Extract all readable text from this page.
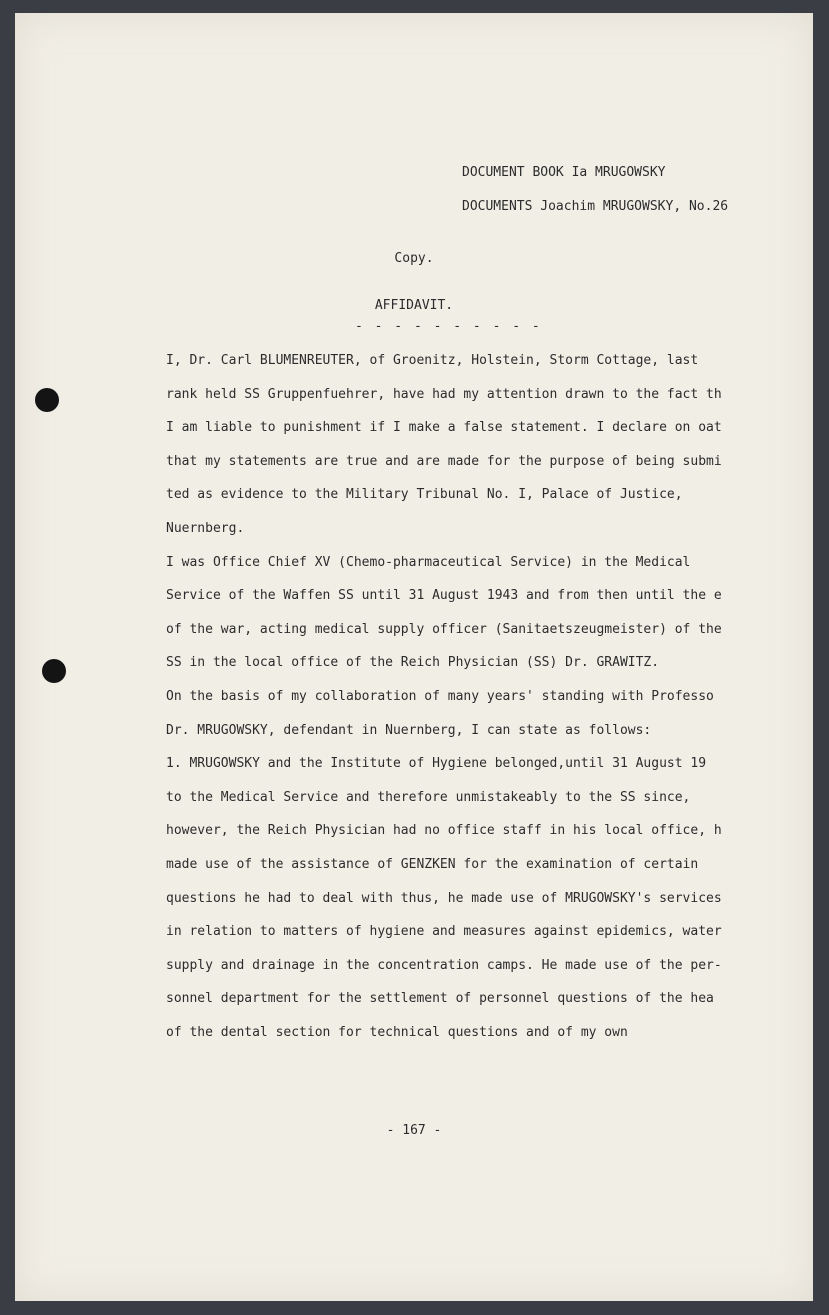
DOCUMENT BOOK Ia MRUGOWSKY
DOCUMENTS Joachim MRUGOWSKY, No.26
Copy.
AFFIDAVIT.
- - - - - - - - - -
I, Dr. Carl BLUMENREUTER, of Groenitz, Holstein, Storm Cottage, last
rank held SS Gruppenfuehrer, have had my attention drawn to the fact th
I am liable to punishment if I make a false statement. I declare on oat
that my statements are true and are made for the purpose of being submi
ted as evidence to the Military Tribunal No. I, Palace of Justice,
Nuernberg.
I was Office Chief XV (Chemo-pharmaceutical Service) in the Medical
Service of the Waffen SS until 31 August 1943 and from then until the e
of the war, acting medical supply officer (Sanitaetszeugmeister) of the
SS in the local office of the Reich Physician (SS) Dr. GRAWITZ.
On the basis of my collaboration of many years' standing with Professo
Dr. MRUGOWSKY, defendant in Nuernberg, I can state as follows:
1. MRUGOWSKY and the Institute of Hygiene belonged,until 31 August 19
to the Medical Service and therefore unmistakeably to the SS since,
however, the Reich Physician had no office staff in his local office, h
made use of the assistance of GENZKEN for the examination of certain
questions he had to deal with thus, he made use of MRUGOWSKY's services
in relation to matters of hygiene and measures against epidemics, water
supply and drainage in the concentration camps. He made use of the per-
sonnel department for the settlement of personnel questions of the hea
of the dental section for technical questions and of my own
- 167 -
